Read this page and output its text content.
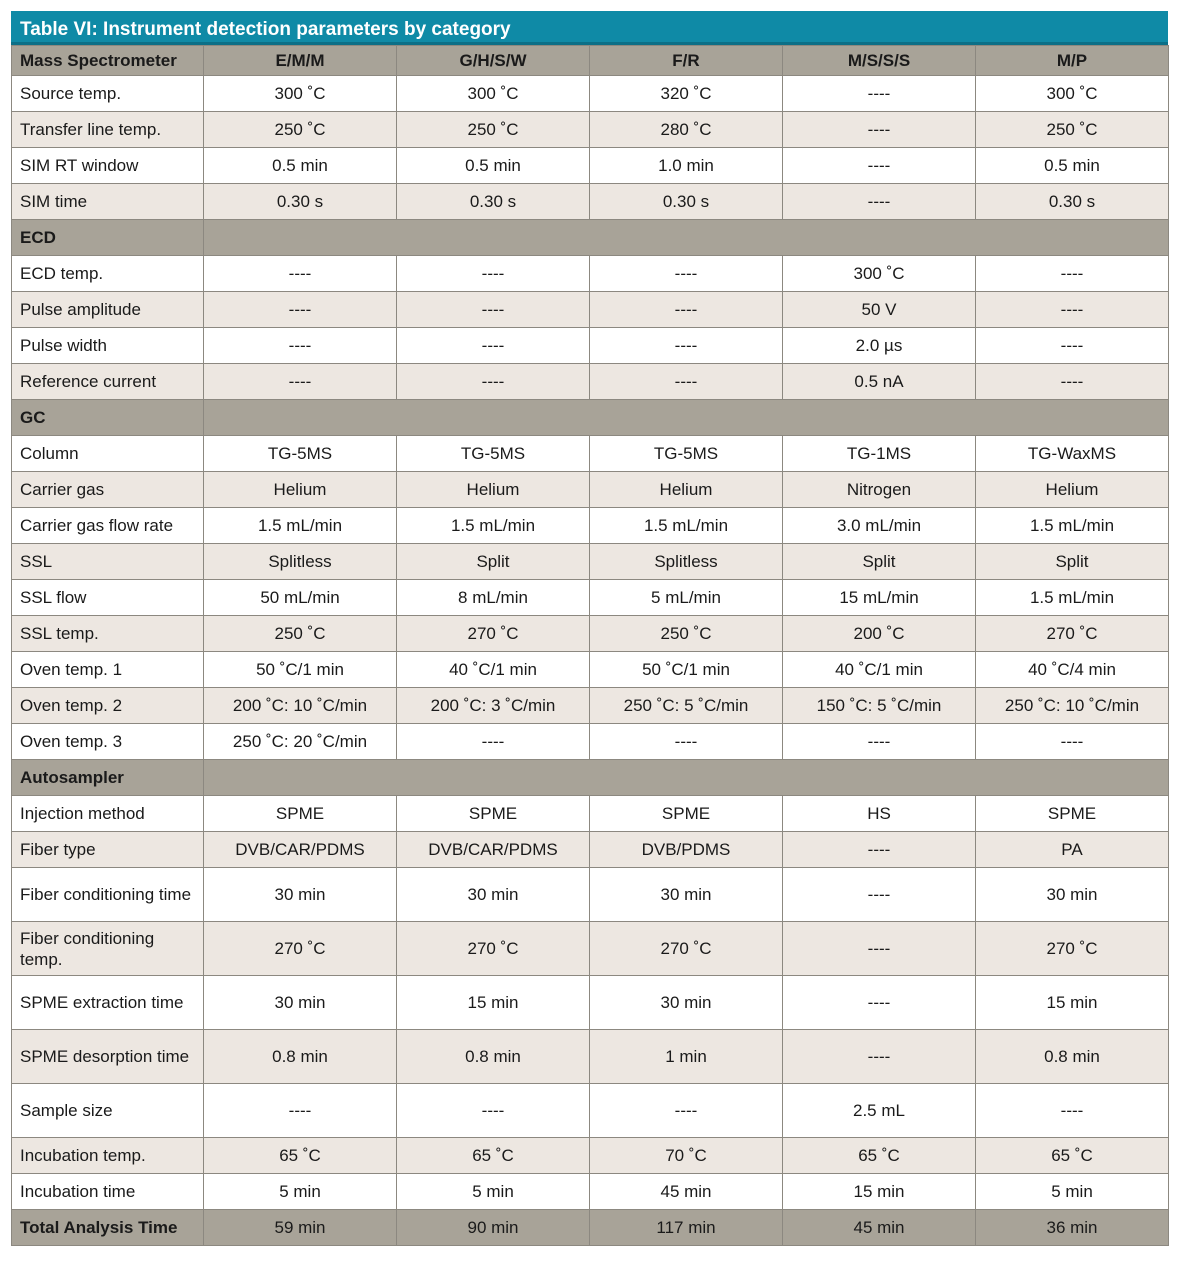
Table VI: Instrument detection parameters by category
Mass Spectrometer	E/M/M	G/H/S/W	F/R	M/S/S/S	M/P
Source temp.	300 ˚C	300 ˚C	320 ˚C	----	300 ˚C
Transfer line temp.	250 ˚C	250 ˚C	280 ˚C	----	250 ˚C
SIM RT window	0.5 min	0.5 min	1.0 min	----	0.5 min
SIM time	0.30 s	0.30 s	0.30 s	----	0.30 s
ECD					
ECD temp.	----	----	----	300 ˚C	----
Pulse amplitude	----	----	----	50 V	----
Pulse width	----	----	----	2.0 µs	----
Reference current	----	----	----	0.5 nA	----
GC					
Column	TG-5MS	TG-5MS	TG-5MS	TG-1MS	TG-WaxMS
Carrier gas	Helium	Helium	Helium	Nitrogen	Helium
Carrier gas flow rate	1.5 mL/min	1.5 mL/min	1.5 mL/min	3.0 mL/min	1.5 mL/min
SSL	Splitless	Split	Splitless	Split	Split
SSL flow	50 mL/min	8 mL/min	5 mL/min	15 mL/min	1.5 mL/min
SSL temp.	250 ˚C	270 ˚C	250 ˚C	200 ˚C	270 ˚C
Oven temp. 1	50 ˚C/1 min	40 ˚C/1 min	50 ˚C/1 min	40 ˚C/1 min	40 ˚C/4 min
Oven temp. 2	200 ˚C: 10 ˚C/min	200 ˚C: 3 ˚C/min	250 ˚C: 5 ˚C/min	150 ˚C: 5 ˚C/min	250 ˚C: 10 ˚C/min
Oven temp. 3	250 ˚C: 20 ˚C/min	----	----	----	----
Autosampler					
Injection method	SPME	SPME	SPME	HS	SPME
Fiber type	DVB/CAR/PDMS	DVB/CAR/PDMS	DVB/PDMS	----	PA
Fiber conditioning time	30 min	30 min	30 min	----	30 min
Fiber conditioning temp.	270 ˚C	270 ˚C	270 ˚C	----	270 ˚C
SPME extraction time	30 min	15 min	30 min	----	15 min
SPME desorption time	0.8 min	0.8 min	1 min	----	0.8 min
Sample size	----	----	----	2.5 mL	----
Incubation temp.	65 ˚C	65 ˚C	70 ˚C	65 ˚C	65 ˚C
Incubation time	5 min	5 min	45 min	15 min	5 min
Total Analysis Time	59 min	90 min	117 min	45 min	36 min
